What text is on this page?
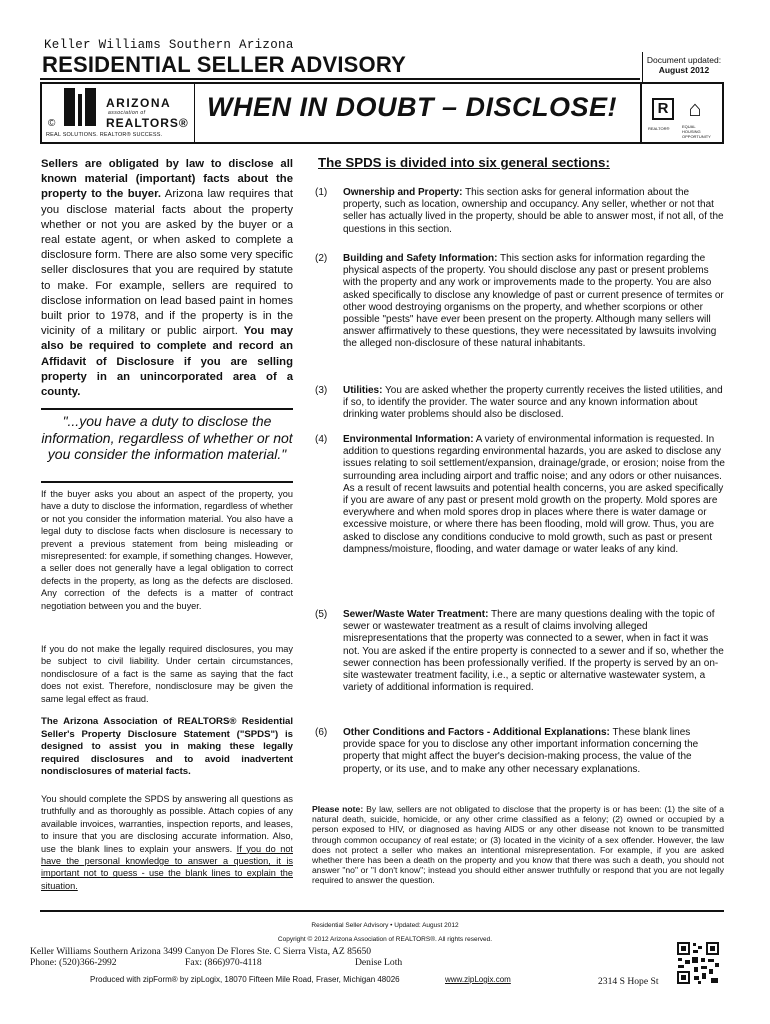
Keller Williams Southern Arizona
RESIDENTIAL SELLER ADVISORY	Document updated:
August 2012
©
ARIZONA
association of
REALTORS®
REAL SOLUTIONS. REALTOR® SUCCESS.
WHEN IN DOUBT – DISCLOSE!	R ⌂
REALTOR®	EQUAL HOUSING OPPORTUNITY
Sellers are obligated by law to disclose all known material (important) facts about the property to the buyer. Arizona law requires that you disclose material facts about the property whether or not you are asked by the buyer or a real estate agent, or when asked to complete a disclosure form. There are also some very specific seller disclosures that you are required by statute to make. For example, sellers are required to disclose information on lead based paint in homes built prior to 1978, and if the property is in the vicinity of a military or public airport. You may also be required to complete and record an Affidavit of Disclosure if you are selling property in an unincorporated area of a county.
"...you have a duty to disclose the information, regardless of whether or not you consider the information material."
If the buyer asks you about an aspect of the property, you have a duty to disclose the information, regardless of whether or not you consider the information material. You also have a legal duty to disclose facts when disclosure is necessary to prevent a previous statement from being misleading or misrepresented: for example, if something changes. However, a seller does not generally have a legal obligation to correct defects in the property, as long as the defects are disclosed. Any correction of the defects is a matter of contract negotiation between you and the buyer.
If you do not make the legally required disclosures, you may be subject to civil liability. Under certain circumstances, nondisclosure of a fact is the same as saying that the fact does not exist. Therefore, nondisclosure may be given the same legal effect as fraud.
The Arizona Association of REALTORS® Residential Seller's Property Disclosure Statement ("SPDS") is designed to assist you in making these legally required disclosures and to avoid inadvertent nondisclosures of material facts.
You should complete the SPDS by answering all questions as truthfully and as thoroughly as possible. Attach copies of any available invoices, warranties, inspection reports, and leases, to insure that you are disclosing accurate information. Also, use the blank lines to explain your answers. If you do not have the personal knowledge to answer a question, it is important not to guess - use the blank lines to explain the situation.
The SPDS is divided into six general sections:
(1)	Ownership and Property: This section asks for general information about the property, such as location, ownership and occupancy. Any seller, whether or not that seller has actually lived in the property, should be able to answer most, if not all, of the questions in this section.
(2)	Building and Safety Information: This section asks for information regarding the physical aspects of the property. You should disclose any past or present problems with the property and any work or improvements made to the property. You are also asked specifically to disclose any knowledge of past or current presence of termites or other wood destroying organisms on the property, and whether scorpions or other possible "pests" have ever been present on the property. Although many sellers will answer affirmatively to these questions, they were necessitated by lawsuits involving the alleged non-disclosure of these natural inhabitants.
(3)	Utilities: You are asked whether the property currently receives the listed utilities, and if so, to identify the provider. The water source and any known information about drinking water problems should also be disclosed.
(4)	Environmental Information: A variety of environmental information is requested. In addition to questions regarding environmental hazards, you are asked to disclose any issues relating to soil settlement/expansion, drainage/grade, or erosion; noise from the surrounding area including airport and traffic noise; and any odors or other nuisances. As a result of recent lawsuits and potential health concerns, you are asked specifically if you are aware of any past or present mold growth on the property. Mold spores are everywhere and when mold spores drop in places where there is water damage or excessive moisture, or where there has been flooding, mold will grow. Thus, you are asked to disclose any conditions conducive to mold growth, such as past or present dampness/moisture, flooding, and water damage or water leaks of any kind.
(5)	Sewer/Waste Water Treatment: There are many questions dealing with the topic of sewer or wastewater treatment as a result of claims involving alleged misrepresentations that the property was connected to a sewer, when in fact it was not. You are asked if the entire property is connected to a sewer and if so, whether the sewer connection has been professionally verified. If the property is served by an on-site wastewater treatment facility, i.e., a septic or alternative wastewater system, a variety of additional information is required.
(6)	Other Conditions and Factors - Additional Explanations: These blank lines provide space for you to disclose any other important information concerning the property that might affect the buyer's decision-making process, the value of the property, or its use, and to make any other necessary explanations.
Please note: By law, sellers are not obligated to disclose that the property is or has been: (1) the site of a natural death, suicide, homicide, or any other crime classified as a felony; (2) owned or occupied by a person exposed to HIV, or diagnosed as having AIDS or any other disease not known to be transmitted through common occupancy of real estate; or (3) located in the vicinity of a sex offender. However, the law does not protect a seller who makes an intentional misrepresentation. For example, if you are asked whether there has been a death on the property and you know that there was such a death, you should not answer "no" or "I don't know"; instead you should either answer truthfully or respond that you are not legally required to answer the question.
Residential Seller Advisory • Updated: August 2012
Copyright © 2012 Arizona Association of REALTORS®. All rights reserved.
Keller Williams Southern Arizona 3499 Canyon De Flores Ste. C Sierra Vista, AZ 85650
Phone: (520)366-2992	Fax: (866)970-4118	Denise Loth
Produced with zipForm® by zipLogix, 18070 Fifteen Mile Road, Fraser, Michigan 48026	www.zipLogix.com	2314 S Hope St
